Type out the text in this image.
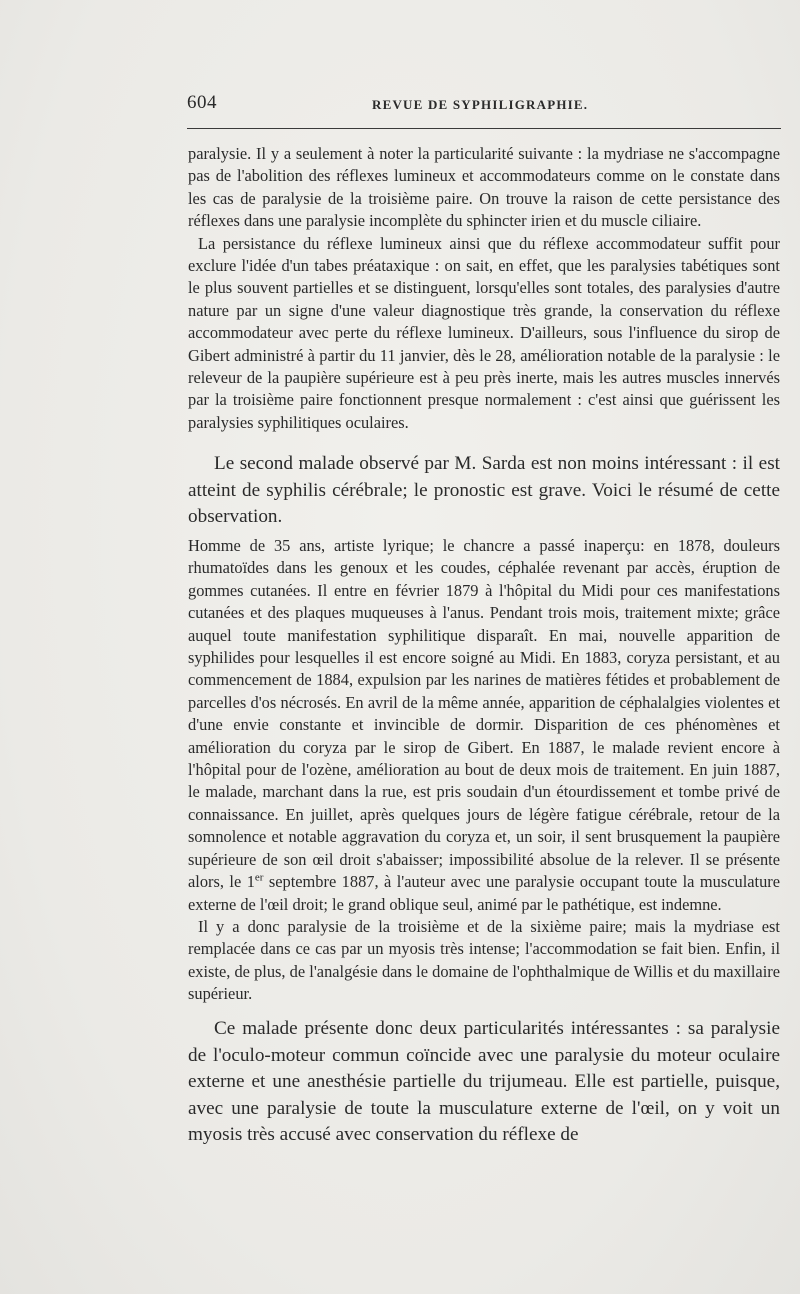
604	REVUE DE SYPHILIGRAPHIE.

paralysie. Il y a seulement à noter la particularité suivante : la mydriase ne s'accompagne pas de l'abolition des réflexes lumineux et accommodateurs comme on le constate dans les cas de paralysie de la troisième paire. On trouve la raison de cette persistance des réflexes dans une paralysie incomplète du sphincter irien et du muscle ciliaire.

La persistance du réflexe lumineux ainsi que du réflexe accommodateur suffit pour exclure l'idée d'un tabes préataxique : on sait, en effet, que les paralysies tabétiques sont le plus souvent partielles et se distinguent, lorsqu'elles sont totales, des paralysies d'autre nature par un signe d'une valeur diagnostique très grande, la conservation du réflexe accommodateur avec perte du réflexe lumineux. D'ailleurs, sous l'influence du sirop de Gibert administré à partir du 11 janvier, dès le 28, amélioration notable de la paralysie : le releveur de la paupière supérieure est à peu près inerte, mais les autres muscles innervés par la troisième paire fonctionnent presque normalement : c'est ainsi que guérissent les paralysies syphilitiques oculaires.

Le second malade observé par M. Sarda est non moins intéressant : il est atteint de syphilis cérébrale; le pronostic est grave. Voici le résumé de cette observation.

Homme de 35 ans, artiste lyrique; le chancre a passé inaperçu: en 1878, douleurs rhumatoïdes dans les genoux et les coudes, céphalée revenant par accès, éruption de gommes cutanées. Il entre en février 1879 à l'hôpital du Midi pour ces manifestations cutanées et des plaques muqueuses à l'anus. Pendant trois mois, traitement mixte; grâce auquel toute manifestation syphilitique disparaît. En mai, nouvelle apparition de syphilides pour lesquelles il est encore soigné au Midi. En 1883, coryza persistant, et au commencement de 1884, expulsion par les narines de matières fétides et probablement de parcelles d'os nécrosés. En avril de la même année, apparition de céphalalgies violentes et d'une envie constante et invincible de dormir. Disparition de ces phénomènes et amélioration du coryza par le sirop de Gibert. En 1887, le malade revient encore à l'hôpital pour de l'ozène, amélioration au bout de deux mois de traitement. En juin 1887, le malade, marchant dans la rue, est pris soudain d'un étourdissement et tombe privé de connaissance. En juillet, après quelques jours de légère fatigue cérébrale, retour de la somnolence et notable aggravation du coryza et, un soir, il sent brusquement la paupière supérieure de son œil droit s'abaisser; impossibilité absolue de la relever. Il se présente alors, le 1er septembre 1887, à l'auteur avec une paralysie occupant toute la musculature externe de l'œil droit; le grand oblique seul, animé par le pathétique, est indemne.

Il y a donc paralysie de la troisième et de la sixième paire; mais la mydriase est remplacée dans ce cas par un myosis très intense; l'accommodation se fait bien. Enfin, il existe, de plus, de l'analgésie dans le domaine de l'ophthalmique de Willis et du maxillaire supérieur.

Ce malade présente donc deux particularités intéressantes : sa paralysie de l'oculo-moteur commun coïncide avec une paralysie du moteur oculaire externe et une anesthésie partielle du trijumeau. Elle est partielle, puisque, avec une paralysie de toute la musculature externe de l'œil, on y voit un myosis très accusé avec conservation du réflexe de
